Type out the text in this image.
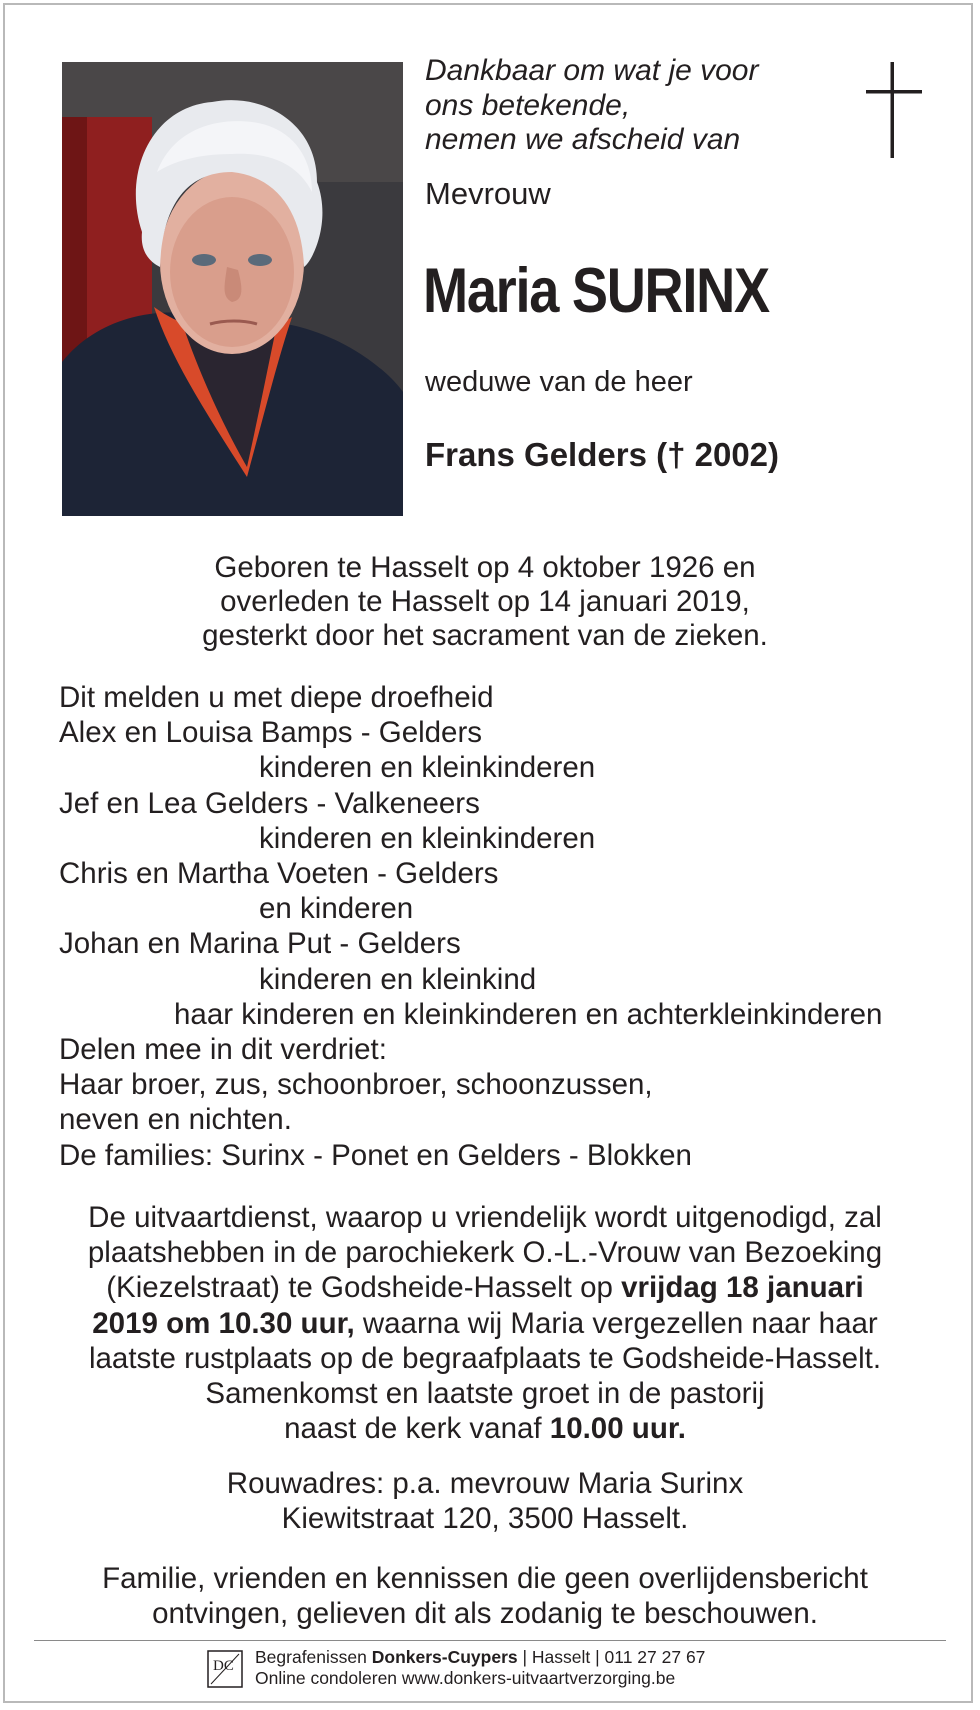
Dankbaar om wat je voor
ons betekende,
nemen we afscheid van
Mevrouw
Maria SURINX
weduwe van de heer
Frans Gelders († 2002)
Geboren te Hasselt op 4 oktober 1926 en
overleden te Hasselt op 14 januari 2019,
gesterkt door het sacrament van de zieken.
Dit melden u met diepe droefheid
Alex en Louisa Bamps - Gelders
kinderen en kleinkinderen
Jef en Lea Gelders - Valkeneers
kinderen en kleinkinderen
Chris en Martha Voeten - Gelders
en kinderen
Johan en Marina Put - Gelders
kinderen en kleinkind
haar kinderen en kleinkinderen en achterkleinkinderen
Delen mee in dit verdriet:
Haar broer, zus, schoonbroer, schoonzussen,
neven en nichten.
De families: Surinx - Ponet en Gelders - Blokken
De uitvaartdienst, waarop u vriendelijk wordt uitgenodigd, zal
plaatshebben in de parochiekerk O.-L.-Vrouw van Bezoeking
(Kiezelstraat) te Godsheide-Hasselt op vrijdag 18 januari
2019 om 10.30 uur, waarna wij Maria vergezellen naar haar
laatste rustplaats op de begraafplaats te Godsheide-Hasselt.
Samenkomst en laatste groet in de pastorij
naast de kerk vanaf 10.00 uur.
Rouwadres: p.a. mevrouw Maria Surinx
Kiewitstraat 120, 3500 Hasselt.
Familie, vrienden en kennissen die geen overlijdensbericht
ontvingen, gelieven dit als zodanig te beschouwen.
DC Begrafenissen Donkers-Cuypers | Hasselt | 011 27 27 67
Online condoleren www.donkers-uitvaartverzorging.be
